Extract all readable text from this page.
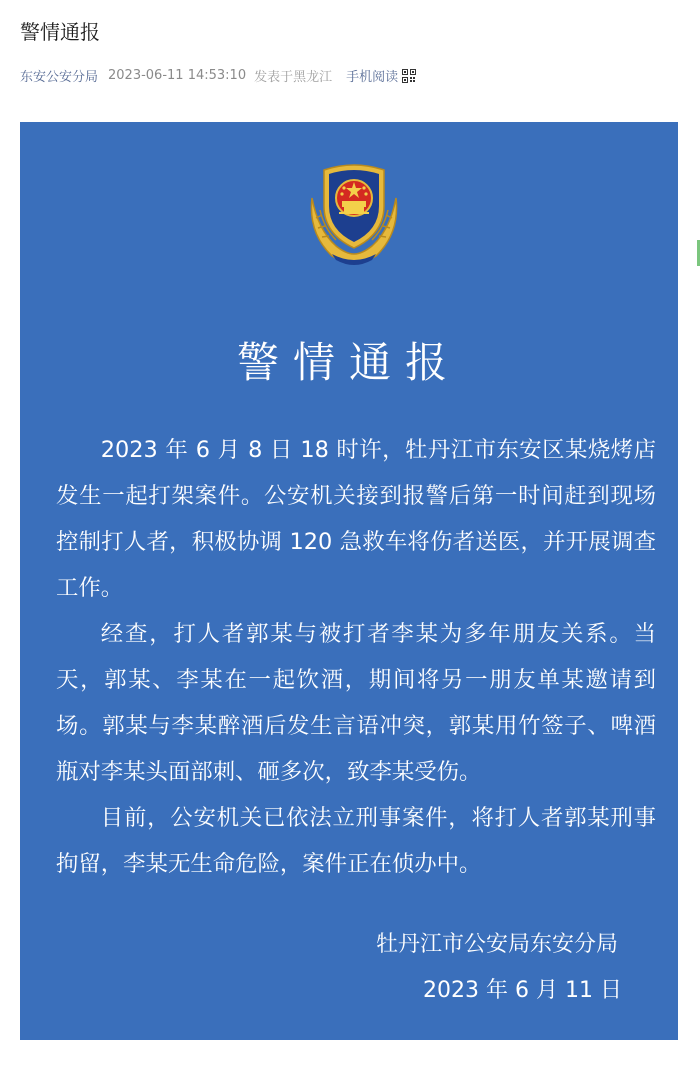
警情通报
东安公安分局 2023-06-11 14:53:10 发表于黑龙江 手机阅读
警情通报

2023 年 6 月 8 日 18 时许，牡丹江市东安区某烧烤店发生一起打架案件。公安机关接到报警后第一时间赶到现场控制打人者，积极协调 120 急救车将伤者送医，并开展调查工作。

经查，打人者郭某与被打者李某为多年朋友关系。当天，郭某、李某在一起饮酒，期间将另一朋友单某邀请到场。郭某与李某醉酒后发生言语冲突，郭某用竹签子、啤酒瓶对李某头面部刺、砸多次，致李某受伤。

目前，公安机关已依法立刑事案件，将打人者郭某刑事拘留，李某无生命危险，案件正在侦办中。

牡丹江市公安局东安分局
2023 年 6 月 11 日
